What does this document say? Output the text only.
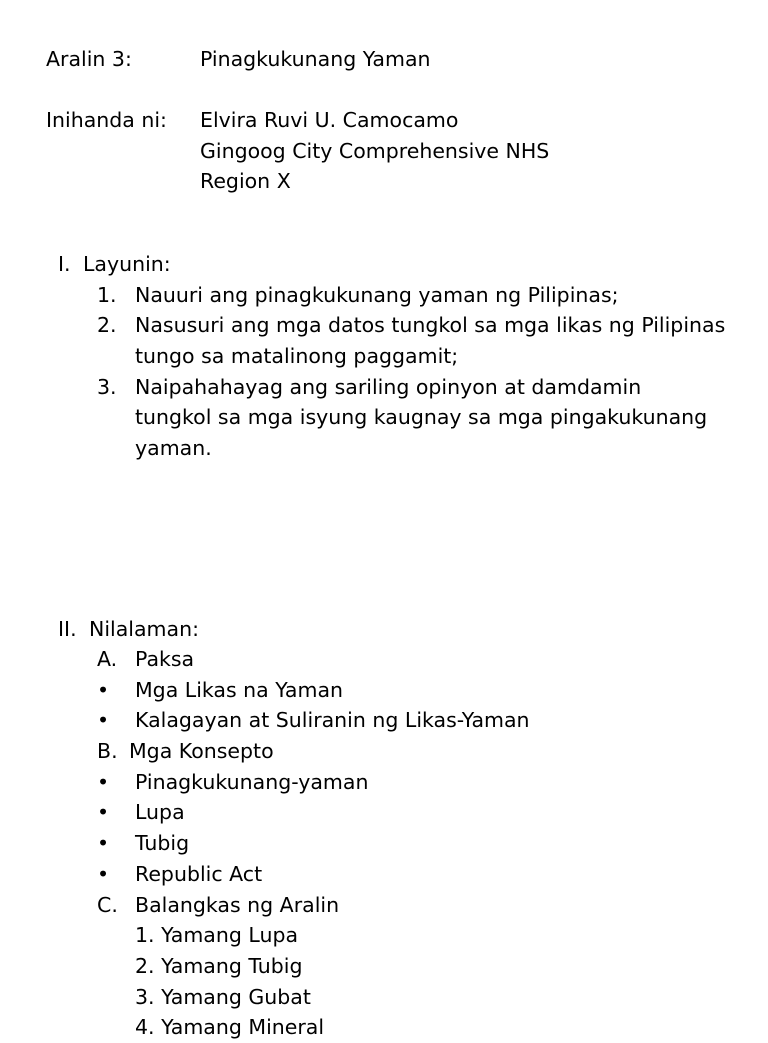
Aralin 3:	Pinagkukunang Yaman
Inihanda ni: Elvira Ruvi U. Camocamo
Gingoog City Comprehensive NHS
Region X
I. Layunin:
1. Nauuri ang pinagkukunang yaman ng Pilipinas;
2. Nasusuri ang mga datos tungkol sa mga likas ng Pilipinas
tungo sa matalinong paggamit;
3. Naipahahayag ang sariling opinyon at damdamin
tungkol sa mga isyung kaugnay sa mga pingakukunang
yaman.
II. Nilalaman:
A. Paksa
• Mga Likas na Yaman
• Kalagayan at Suliranin ng Likas-Yaman
B. Mga Konsepto
• Pinagkukunang-yaman
• Lupa
• Tubig
• Republic Act
C. Balangkas ng Aralin
1. Yamang Lupa
2. Yamang Tubig
3. Yamang Gubat
4. Yamang Mineral
